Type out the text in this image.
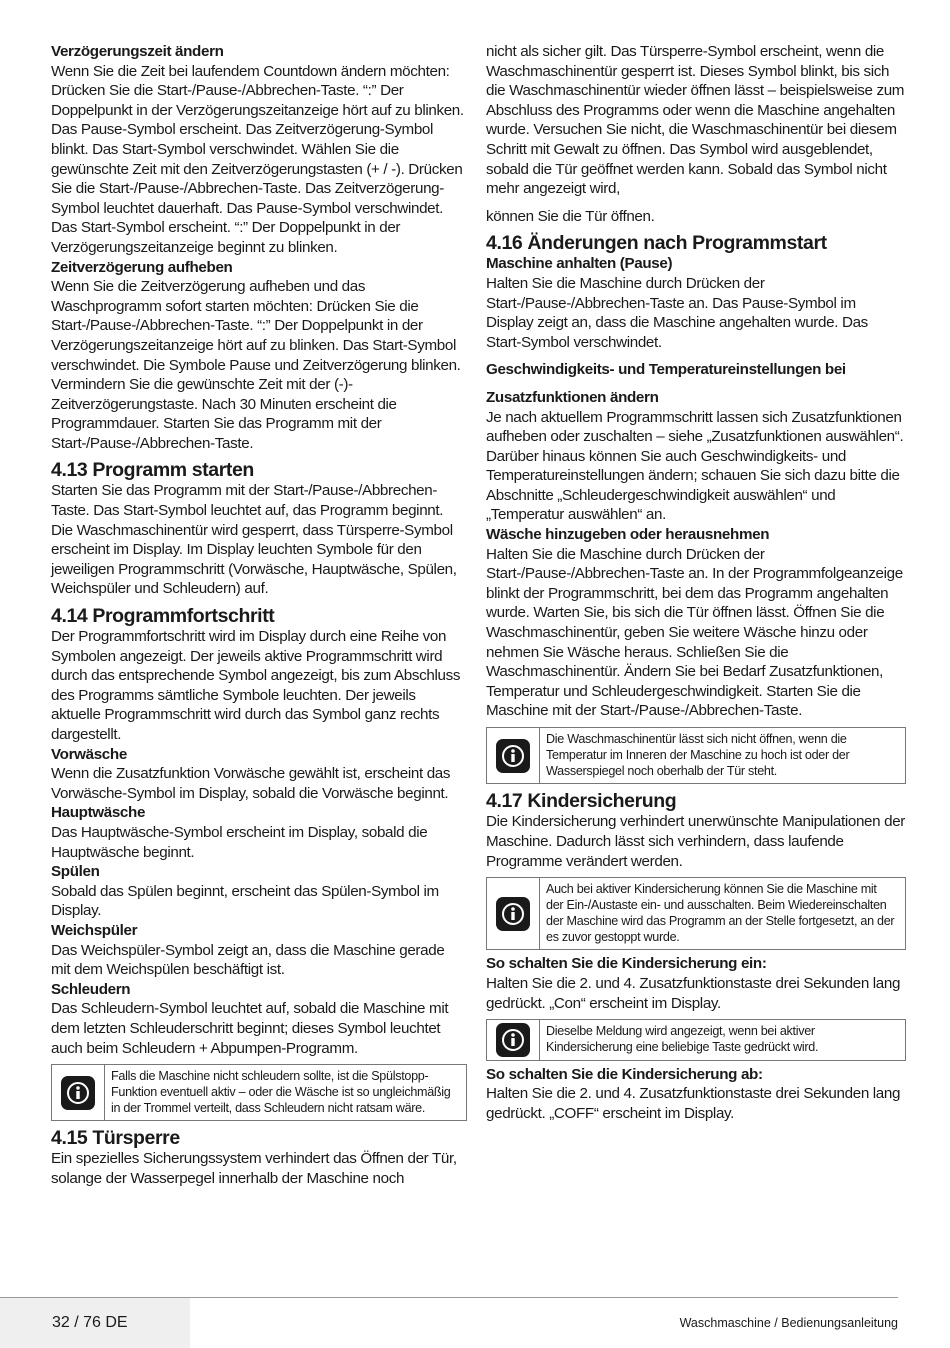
Verzögerungszeit ändern

Wenn Sie die Zeit bei laufendem Countdown ändern möchten: Drücken Sie die Start-/Pause-/Abbrechen-Taste. “:” Der Doppelpunkt in der Verzögerungszeitanzeige hört auf zu blinken. Das Pause-Symbol erscheint. Das Zeitverzögerung-Symbol blinkt. Das Start-Symbol verschwindet. Wählen Sie die gewünschte Zeit mit den Zeitverzögerungstasten (+ / -). Drücken Sie die Start-/Pause-/Abbrechen-Taste. Das Zeitverzögerung-Symbol leuchtet dauerhaft. Das Pause-Symbol verschwindet. Das Start-Symbol erscheint. “:” Der Doppelpunkt in der Verzögerungszeitanzeige beginnt zu blinken.

Zeitverzögerung aufheben

Wenn Sie die Zeitverzögerung aufheben und das Waschprogramm sofort starten möchten: Drücken Sie die Start-/Pause-/Abbrechen-Taste. “:” Der Doppelpunkt in der Verzögerungszeitanzeige hört auf zu blinken. Das Start-Symbol verschwindet. Die Symbole Pause und Zeitverzögerung blinken. Vermindern Sie die gewünschte Zeit mit der (-)-Zeitverzögerungstaste. Nach 30 Minuten erscheint die Programmdauer. Starten Sie das Programm mit der Start-/Pause-/Abbrechen-Taste.

4.13 Programm starten

Starten Sie das Programm mit der Start-/Pause-/Abbrechen-Taste. Das Start-Symbol leuchtet auf, das Programm beginnt. Die Waschmaschinentür wird gesperrt, dass Türsperre-Symbol erscheint im Display. Im Display leuchten Symbole für den jeweiligen Programmschritt (Vorwäsche, Hauptwäsche, Spülen, Weichspüler und Schleudern) auf.

4.14 Programmfortschritt

Der Programmfortschritt wird im Display durch eine Reihe von Symbolen angezeigt. Der jeweils aktive Programmschritt wird durch das entsprechende Symbol angezeigt, bis zum Abschluss des Programms sämtliche Symbole leuchten. Der jeweils aktuelle Programmschritt wird durch das Symbol ganz rechts dargestellt.

Vorwäsche

Wenn die Zusatzfunktion Vorwäsche gewählt ist, erscheint das Vorwäsche-Symbol im Display, sobald die Vorwäsche beginnt.

Hauptwäsche

Das Hauptwäsche-Symbol erscheint im Display, sobald die Hauptwäsche beginnt.

Spülen

Sobald das Spülen beginnt, erscheint das Spülen-Symbol im Display.

Weichspüler

Das Weichspüler-Symbol zeigt an, dass die Maschine gerade mit dem Weichspülen beschäftigt ist.

Schleudern

Das Schleudern-Symbol leuchtet auf, sobald die Maschine mit dem letzten Schleuderschritt beginnt; dieses Symbol leuchtet auch beim Schleudern + Abpumpen-Programm.

Falls die Maschine nicht schleudern sollte, ist die Spülstopp-Funktion eventuell aktiv – oder die Wäsche ist so ungleichmäßig in der Trommel verteilt, dass Schleudern nicht ratsam wäre.
4.15 Türsperre

Ein spezielles Sicherungssystem verhindert das Öffnen der Tür, solange der Wasserpegel innerhalb der Maschine noch

nicht als sicher gilt. Das Türsperre-Symbol erscheint, wenn die Waschmaschinentür gesperrt ist. Dieses Symbol blinkt, bis sich die Waschmaschinentür wieder öffnen lässt – beispielsweise zum Abschluss des Programms oder wenn die Maschine angehalten wurde. Versuchen Sie nicht, die Waschmaschinentür bei diesem Schritt mit Gewalt zu öffnen. Das Symbol wird ausgeblendet, sobald die Tür geöffnet werden kann. Sobald das Symbol nicht mehr angezeigt wird,

können Sie die Tür öffnen.

4.16 Änderungen nach Programmstart

Maschine anhalten (Pause)

Halten Sie die Maschine durch Drücken der Start-/Pause-/Abbrechen-Taste an. Das Pause-Symbol im Display zeigt an, dass die Maschine angehalten wurde. Das Start-Symbol verschwindet.

Geschwindigkeits- und Temperatureinstellungen bei

Zusatzfunktionen ändern

Je nach aktuellem Programmschritt lassen sich Zusatzfunktionen aufheben oder zuschalten – siehe „Zusatzfunktionen auswählen“. Darüber hinaus können Sie auch Geschwindigkeits- und Temperatureinstellungen ändern; schauen Sie sich dazu bitte die Abschnitte „Schleudergeschwindigkeit auswählen“ und „Temperatur auswählen“ an.

Wäsche hinzugeben oder herausnehmen

Halten Sie die Maschine durch Drücken der Start-/Pause-/Abbrechen-Taste an. In der Programmfolgeanzeige blinkt der Programmschritt, bei dem das Programm angehalten wurde. Warten Sie, bis sich die Tür öffnen lässt. Öffnen Sie die Waschmaschinentür, geben Sie weitere Wäsche hinzu oder nehmen Sie Wäsche heraus. Schließen Sie die Waschmaschinentür. Ändern Sie bei Bedarf Zusatzfunktionen, Temperatur und Schleudergeschwindigkeit. Starten Sie die Maschine mit der Start-/Pause-/Abbrechen-Taste.

Die Waschmaschinentür lässt sich nicht öffnen, wenn die Temperatur im Inneren der Maschine zu hoch ist oder der Wasserspiegel noch oberhalb der Tür steht.
4.17 Kindersicherung

Die Kindersicherung verhindert unerwünschte Manipulationen der Maschine. Dadurch lässt sich verhindern, dass laufende Programme verändert werden.

Auch bei aktiver Kindersicherung können Sie die Maschine mit der Ein-/Austaste ein- und ausschalten. Beim Wiedereinschalten der Maschine wird das Programm an der Stelle fortgesetzt, an der es zuvor gestoppt wurde.

So schalten Sie die Kindersicherung ein:

Halten Sie die 2. und 4. Zusatzfunktionstaste drei Sekunden lang gedrückt. „Con“ erscheint im Display.

Dieselbe Meldung wird angezeigt, wenn bei aktiver Kindersicherung eine beliebige Taste gedrückt wird.

So schalten Sie die Kindersicherung ab:

Halten Sie die 2. und 4. Zusatzfunktionstaste drei Sekunden lang gedrückt. „COFF“ erscheint im Display.

32 / 76 DE	Waschmaschine / Bedienungsanleitung
